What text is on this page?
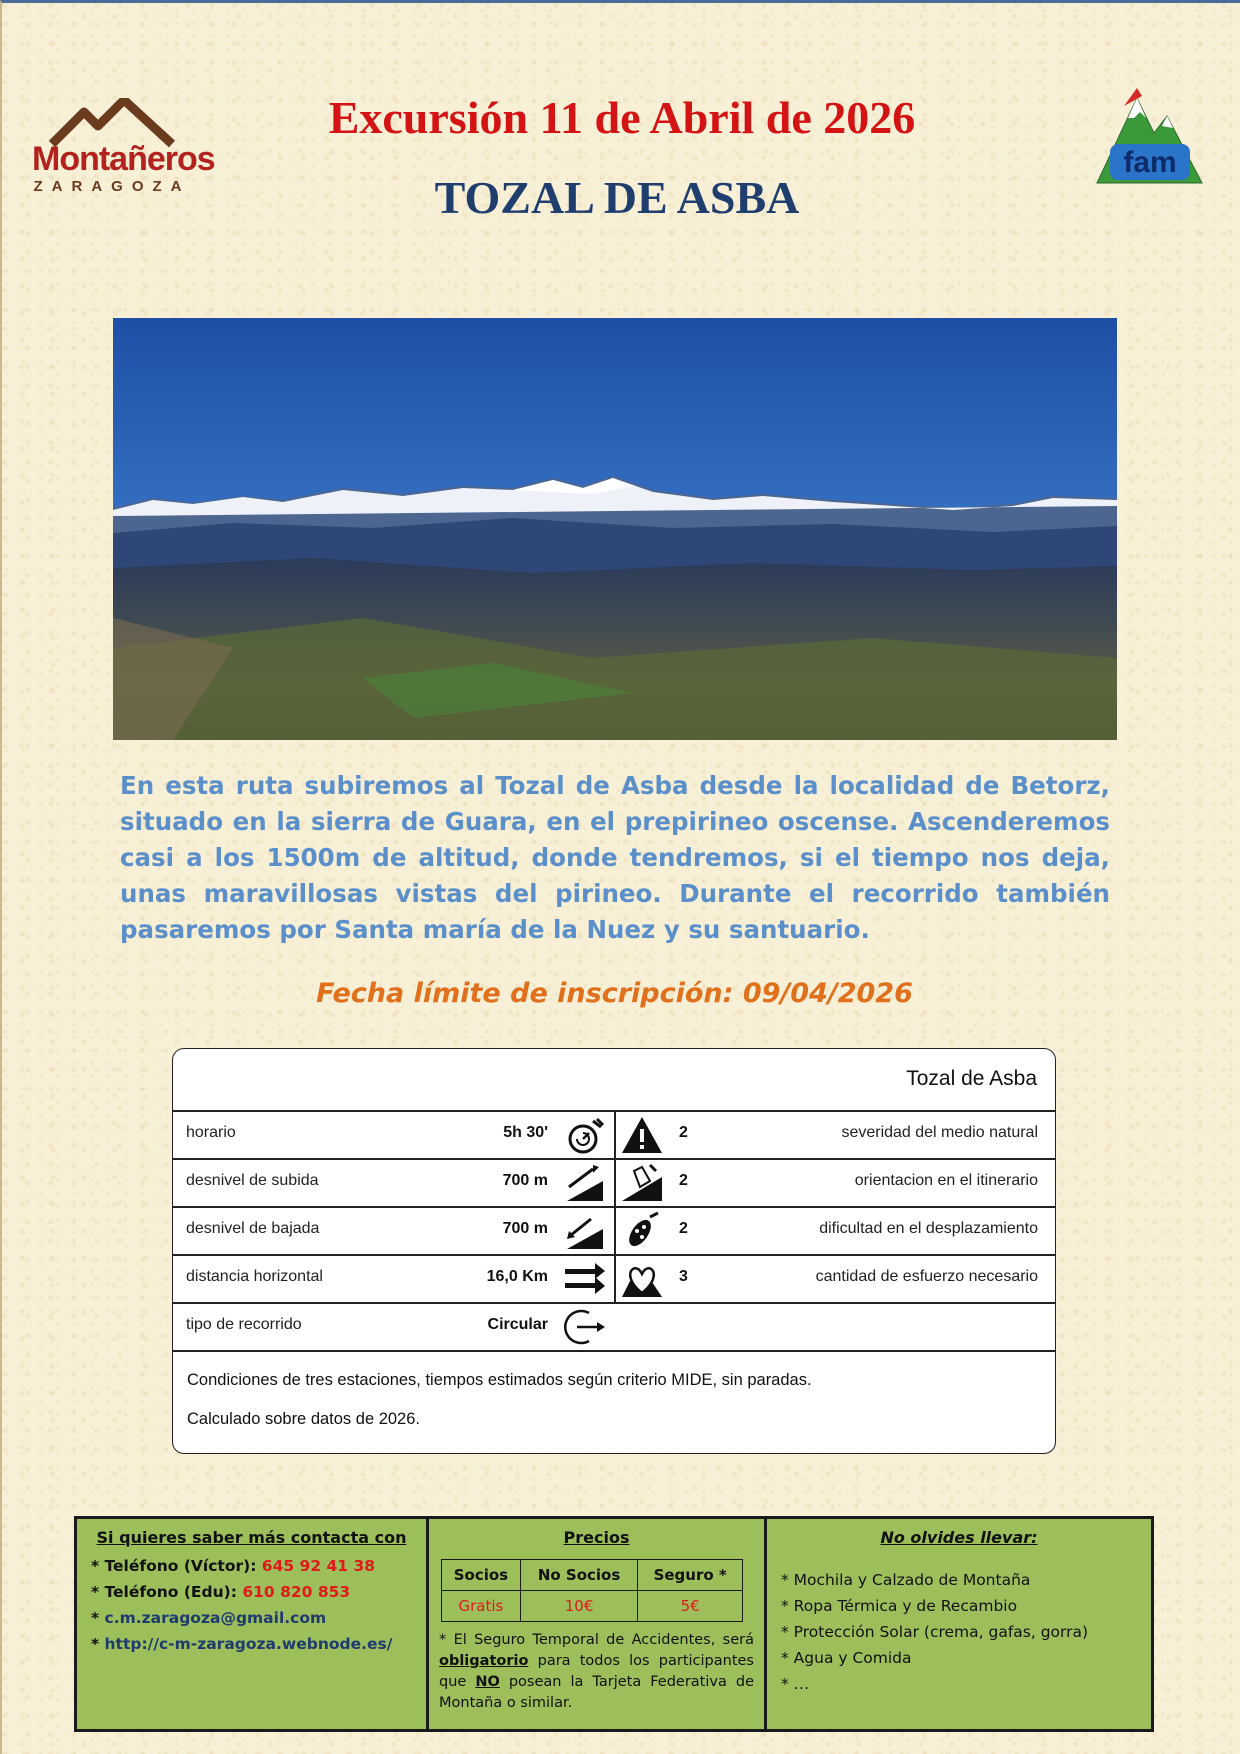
Montañeros
ZARAGOZA
fam
Excursión 11 de Abril de 2026
TOZAL DE ASBA
En esta ruta subiremos al Tozal de Asba desde la localidad de Betorz, situado en la sierra de Guara, en el prepirineo oscense. Ascenderemos casi a los 1500m de altitud, donde tendremos, si el tiempo nos deja, unas maravillosas vistas del pirineo. Durante el recorrido también pasaremos por Santa maría de la Nuez y su santuario.
Fecha límite de inscripción: 09/04/2026
Tozal de Asba
horario	5h 30'	2	severidad del medio natural
desnivel de subida	700 m	2	orientacion en el itinerario
desnivel de bajada	700 m	2	dificultad en el desplazamiento
distancia horizontal	16,0 Km	3	cantidad de esfuerzo necesario
tipo de recorrido	Circular
Condiciones de tres estaciones, tiempos estimados según criterio MIDE, sin paradas.
Calculado sobre datos de 2026.
Si quieres saber más contacta con
* Teléfono (Víctor): 645 92 41 38
* Teléfono (Edu): 610 820 853
* c.m.zaragoza@gmail.com
* http://c-m-zaragoza.webnode.es/
Precios
Socios	No Socios	Seguro *
Gratis	10€	5€
* El Seguro Temporal de Accidentes, será obligatorio para todos los participantes que NO posean la Tarjeta Federativa de Montaña o similar.
No olvides llevar:
* Mochila y Calzado de Montaña
* Ropa Térmica y de Recambio
* Protección Solar (crema, gafas, gorra)
* Agua y Comida
* …
